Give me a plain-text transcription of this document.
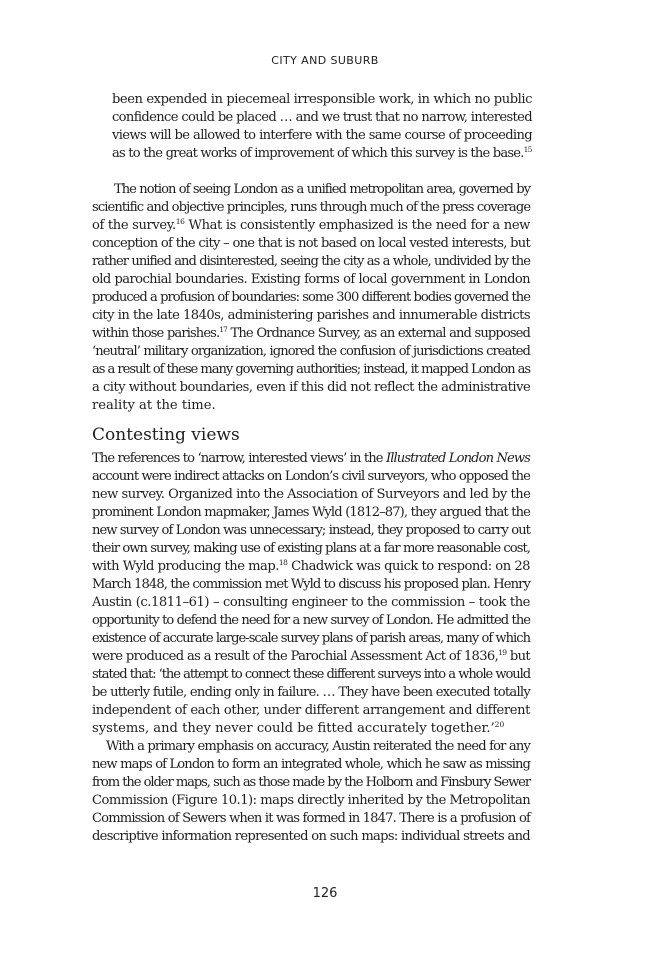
CITY AND SUBURB
been expended in piecemeal irresponsible work, in which no public
confidence could be placed … and we trust that no narrow, interested
views will be allowed to interfere with the same course of proceeding
as to the great works of improvement of which this survey is the base.$^{15}$
The notion of seeing London as a unified metropolitan area, governed by
scientific and objective principles, runs through much of the press coverage
of the survey.$^{16}$ What is consistently emphasized is the need for a new
conception of the city – one that is not based on local vested interests, but
rather unified and disinterested, seeing the city as a whole, undivided by the
old parochial boundaries. Existing forms of local government in London
produced a profusion of boundaries: some 300 different bodies governed the
city in the late 1840s, administering parishes and innumerable districts
within those parishes.$^{17}$ The Ordnance Survey, as an external and supposed
‘neutral’ military organization, ignored the confusion of jurisdictions created
as a result of these many governing authorities; instead, it mapped London as
a city without boundaries, even if this did not reflect the administrative
reality at the time.
Contesting views
The references to ‘narrow, interested views’ in the Illustrated London News
account were indirect attacks on London’s civil surveyors, who opposed the
new survey. Organized into the Association of Surveyors and led by the
prominent London mapmaker, James Wyld (1812–87), they argued that the
new survey of London was unnecessary; instead, they proposed to carry out
their own survey, making use of existing plans at a far more reasonable cost,
with Wyld producing the map.$^{18}$ Chadwick was quick to respond: on 28
March 1848, the commission met Wyld to discuss his proposed plan. Henry
Austin (c.1811–61) – consulting engineer to the commission – took the
opportunity to defend the need for a new survey of London. He admitted the
existence of accurate large-scale survey plans of parish areas, many of which
were produced as a result of the Parochial Assessment Act of 1836,19 but
stated that: ‘the attempt to connect these different surveys into a whole would
be utterly futile, ending only in failure. … They have been executed totally
independent of each other, under different arrangement and different
systems, and they never could be fitted accurately together.’$^{20}$
With a primary emphasis on accuracy, Austin reiterated the need for any
new maps of London to form an integrated whole, which he saw as missing
from the older maps, such as those made by the Holborn and Finsbury Sewer
Commission (Figure 10.1): maps directly inherited by the Metropolitan
Commission of Sewers when it was formed in 1847. There is a profusion of
descriptive information represented on such maps: individual streets and
126
